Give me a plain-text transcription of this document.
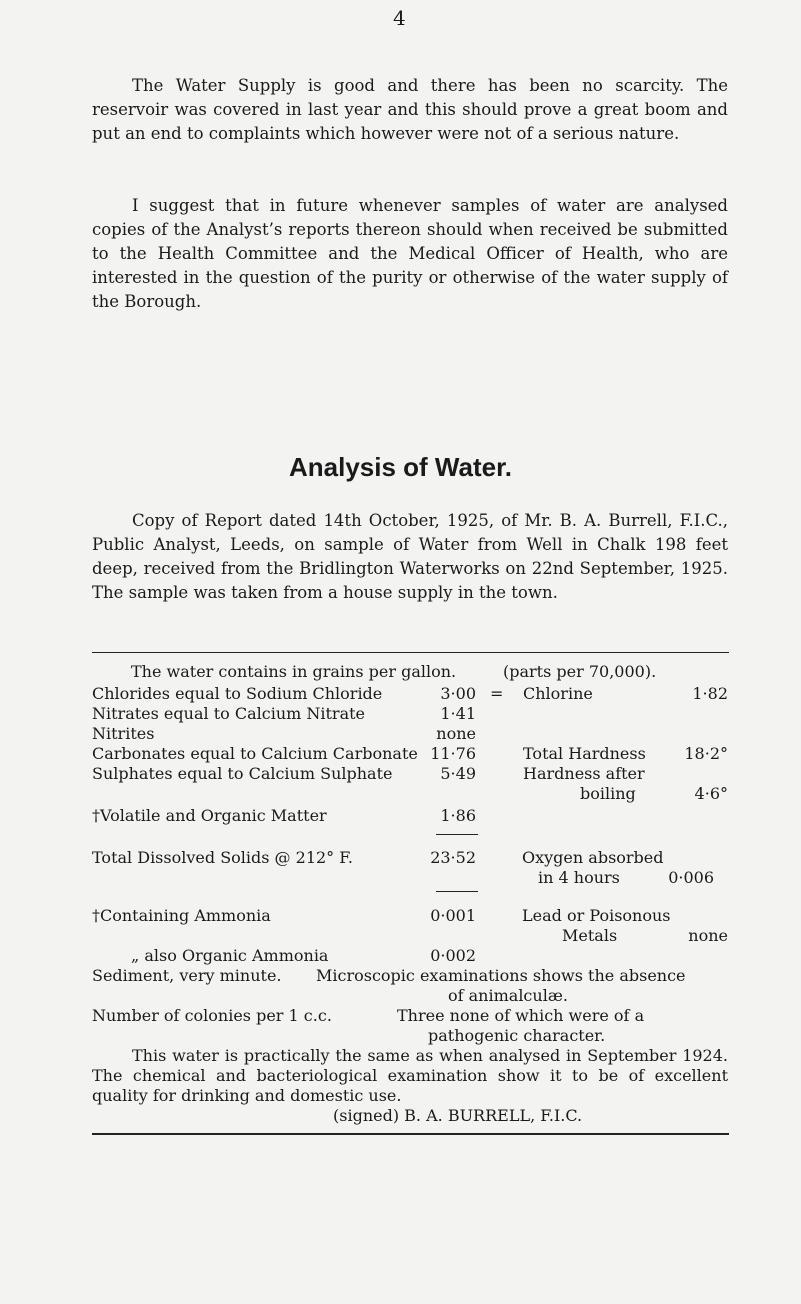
4
The Water Supply is good and there has been no scarcity. The reservoir was covered in last year and this should prove a great boom and put an end to complaints which however were not of a serious nature.
I suggest that in future whenever samples of water are analysed copies of the Analyst’s reports thereon should when received be submitted to the Health Committee and the Medical Officer of Health, who are interested in the question of the purity or otherwise of the water supply of the Borough.
Analysis of Water.
Copy of Report dated 14th October, 1925, of Mr. B. A. Burrell, F.I.C., Public Analyst, Leeds, on sample of Water from Well in Chalk 198 feet deep, received from the Bridlington Waterworks on 22nd September, 1925. The sample was taken from a house supply in the town.
The water contains in grains per gallon.	(parts per 70,000).
Chlorides equal to Sodium Chloride	3·00 = Chlorine	1·82
Nitrates equal to Calcium Nitrate	1·41
Nitrites	none
Carbonates equal to Calcium Carbonate 11·76	Total Hardness	18·2°
Sulphates equal to Calcium Sulphate	5·49	Hardness after
boiling	4·6°
†Volatile and Organic Matter	1·86
Total Dissolved Solids @ 212° F.	23·52	Oxygen absorbed
in 4 hours	0·006
†Containing Ammonia	0·001	Lead or Poisonous
Metals	none
„ also Organic Ammonia	0·002
Sediment, very minute. Microscopic examinations shows the absence
of animalculæ.
Number of colonies per 1 c.c.	Three none of which were of a
pathogenic character.
This water is practically the same as when analysed in September 1924. The chemical and bacteriological examination show it to be of excellent quality for drinking and domestic use.
(signed) B. A. BURRELL, F.I.C.
